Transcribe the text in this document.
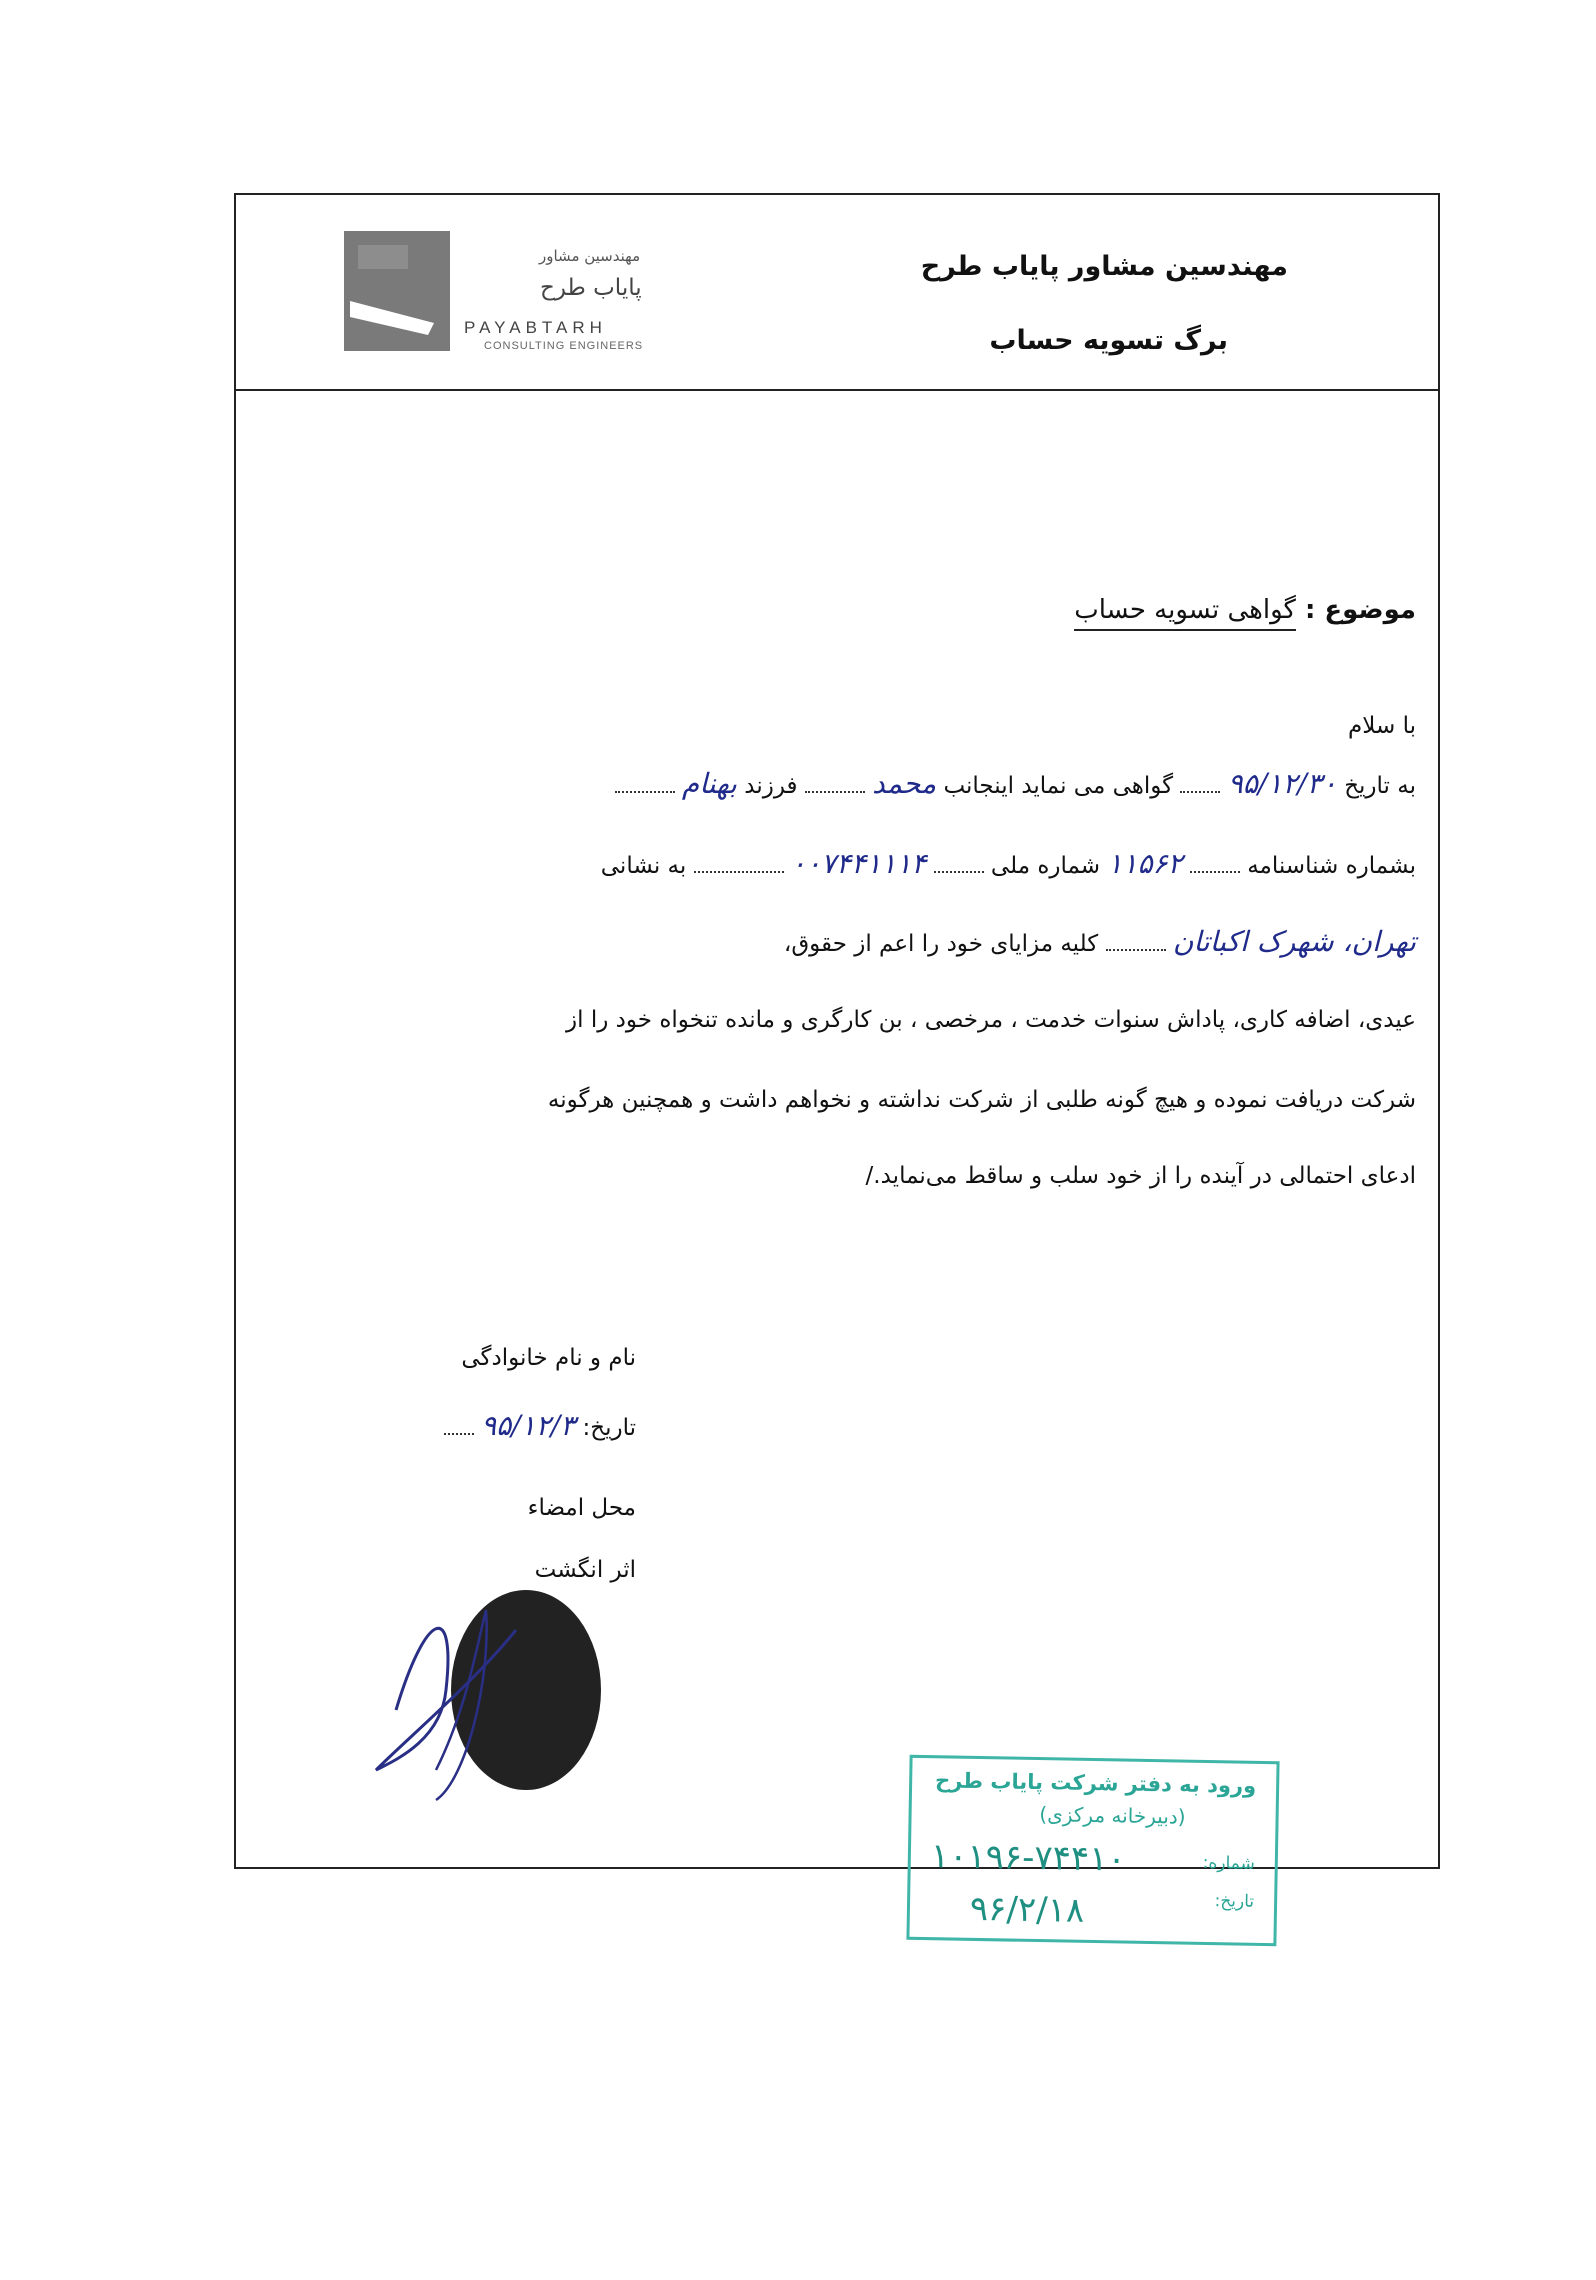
مهندسین مشاور
پایاب طرح
PAYABTARH
CONSULTING ENGINEERS
مهندسین مشاور پایاب طرح
برگ تسویه حساب
موضوع : گواهی تسویه حساب
با سلام
به تاریخ ۹۵/۱۲/۳۰  گواهی می نماید اینجانب محمد  فرزند بهنام
بشماره شناسنامه  ۱۱۵۶۲ شماره ملی  ۰۰۷۴۴۱۱۱۴  به نشانی
تهران، شهرک اکباتان  کلیه مزایای خود را اعم از حقوق،
عیدی، اضافه کاری، پاداش سنوات خدمت ، مرخصی ، بن کارگری و مانده تنخواه خود را از
شرکت دریافت نموده و هیچ گونه طلبی از شرکت نداشته و نخواهم داشت و همچنین هرگونه
ادعای احتمالی در آینده را از خود سلب و ساقط می‌نماید./
نام و نام خانوادگی
تاریخ: ۹۵/۱۲/۳
محل امضاء
اثر انگشت
ورود به دفتر شرکت پایاب طرح
(دبیرخانه مرکزی)
شماره:
تاریخ:
۱۰۱۹۶-۷۴۴۱۰
۹۶/۲/۱۸
